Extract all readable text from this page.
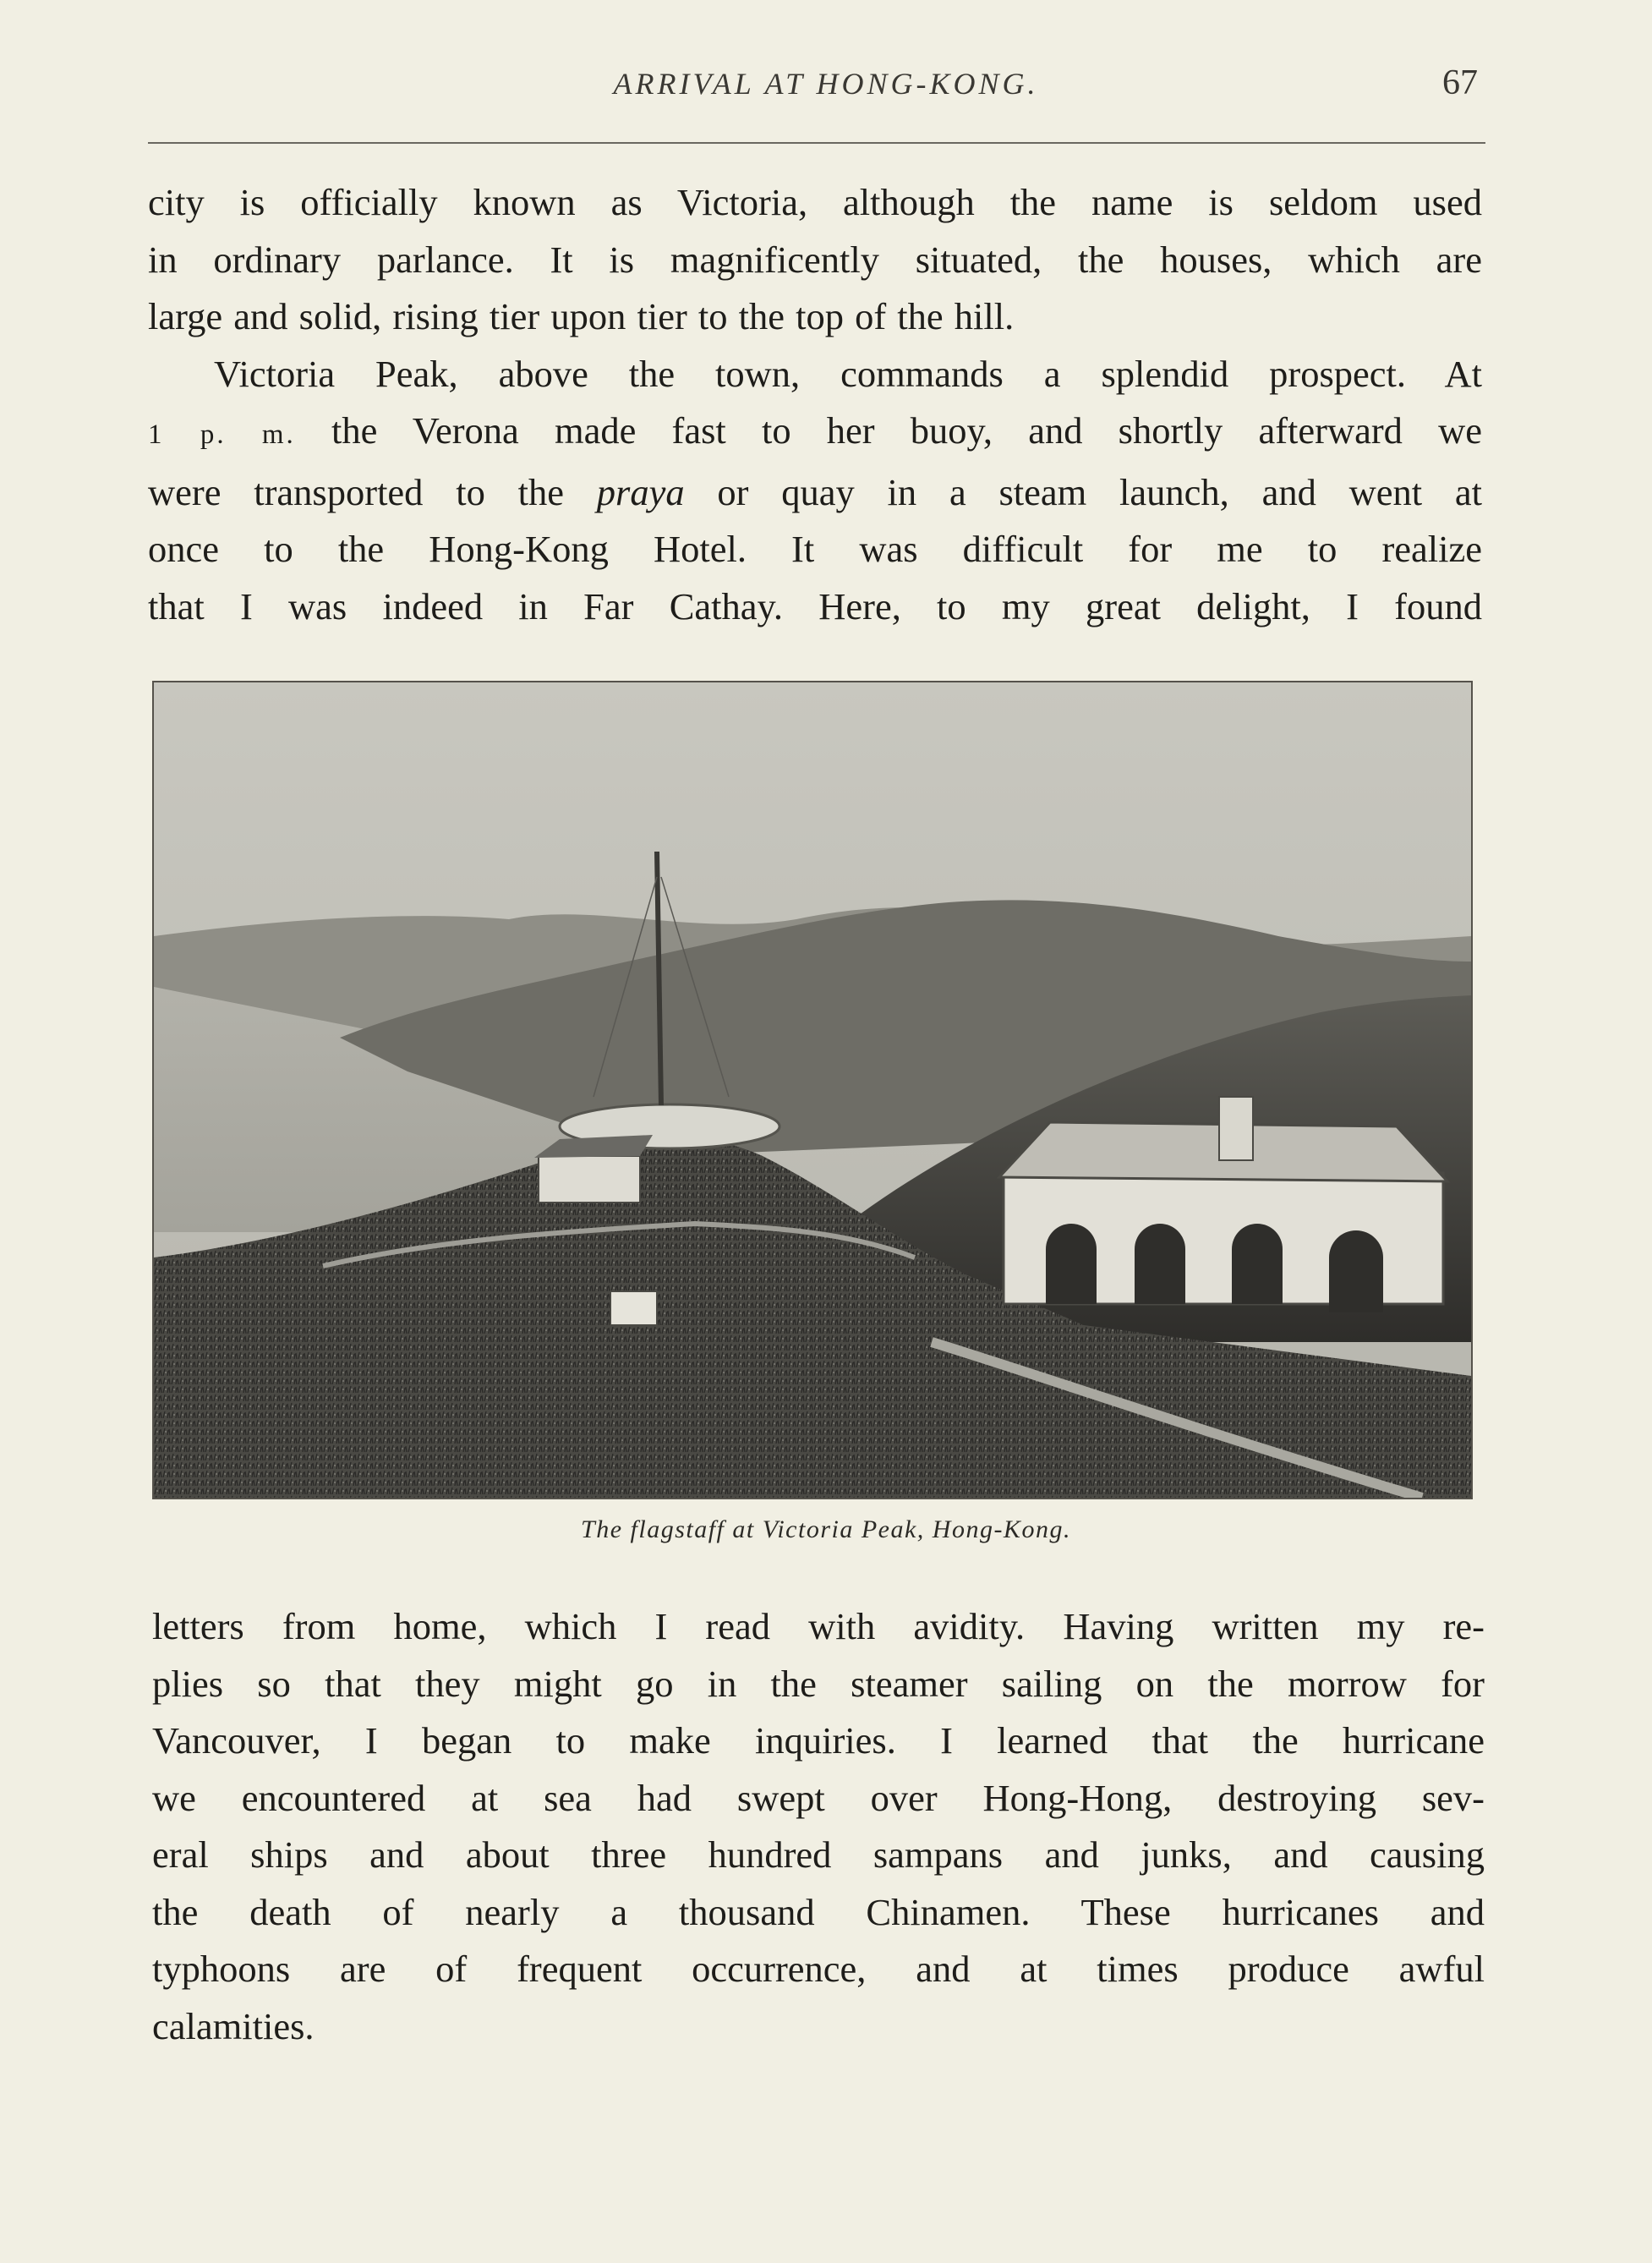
ARRIVAL AT HONG-KONG.	67
city is officially known as Victoria, although the name is seldom used
in ordinary parlance. It is magnificently situated, the houses, which are
large and solid, rising tier upon tier to the top of the hill.
Victoria Peak, above the town, commands a splendid prospect. At
1 p. m. the Verona made fast to her buoy, and shortly afterward we
were transported to the praya or quay in a steam launch, and went at
once to the Hong-Kong Hotel. It was difficult for me to realize
that I was indeed in Far Cathay. Here, to my great delight, I found
The flagstaff at Victoria Peak, Hong-Kong.
letters from home, which I read with avidity. Having written my re-
plies so that they might go in the steamer sailing on the morrow for
Vancouver, I began to make inquiries. I learned that the hurricane
we encountered at sea had swept over Hong-Hong, destroying sev-
eral ships and about three hundred sampans and junks, and causing
the death of nearly a thousand Chinamen. These hurricanes and
typhoons are of frequent occurrence, and at times produce awful
calamities.
